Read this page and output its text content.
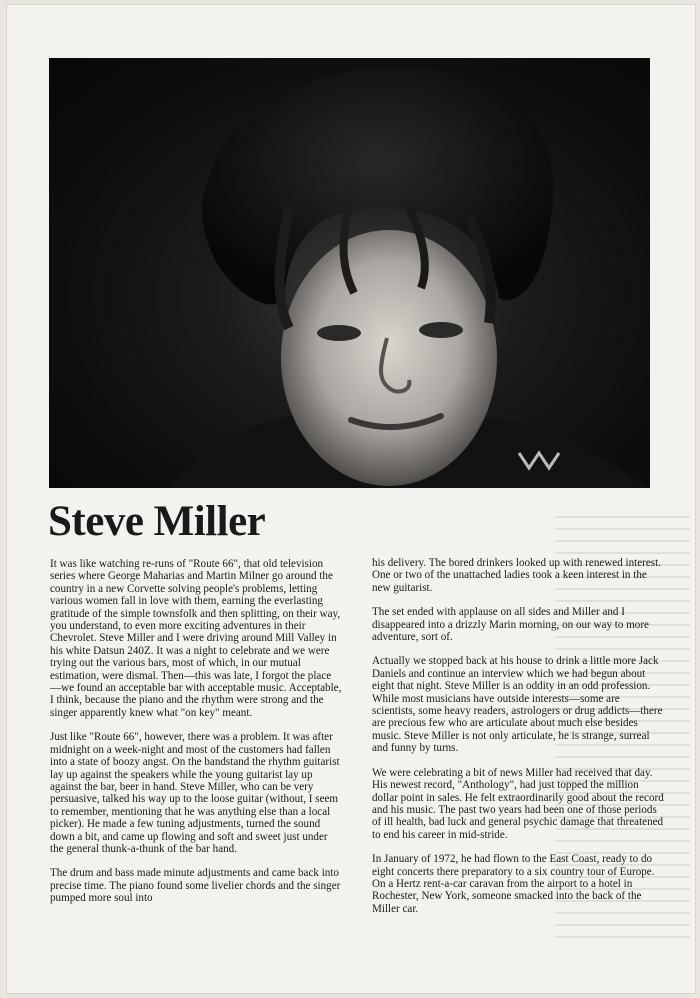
Steve Miller

It was like watching re-runs of "Route 66", that old television series where George Maharias and Martin Milner go around the country in a new Corvette solving people's problems, letting various women fall in love with them, earning the everlasting gratitude of the simple townsfolk and then splitting, on their way, you understand, to even more exciting adventures in their Chevrolet. Steve Miller and I were driving around Mill Valley in his white Datsun 240Z. It was a night to celebrate and we were trying out the various bars, most of which, in our mutual estimation, were dismal. Then—this was late, I forgot the place—we found an acceptable bar with acceptable music. Acceptable, I think, because the piano and the rhythm were strong and the singer apparently knew what "on key" meant.

Just like "Route 66", however, there was a problem. It was after midnight on a week-night and most of the customers had fallen into a state of boozy angst. On the bandstand the rhythm guitarist lay up against the speakers while the young guitarist lay up against the bar, beer in hand. Steve Miller, who can be very persuasive, talked his way up to the loose guitar (without, I seem to remember, mentioning that he was anything else than a local picker). He made a few tuning adjustments, turned the sound down a bit, and came up flowing and soft and sweet just under the general thunk-a-thunk of the bar hand.

The drum and bass made minute adjustments and came back into precise time. The piano found some livelier chords and the singer pumped more soul into

his delivery. The bored drinkers looked up with renewed interest. One or two of the unattached ladies took a keen interest in the new guitarist.

The set ended with applause on all sides and Miller and I disappeared into a drizzly Marin morning, on our way to more adventure, sort of.

Actually we stopped back at his house to drink a little more Jack Daniels and continue an interview which we had begun about eight that night. Steve Miller is an oddity in an odd profession. While most musicians have outside interests—some are scientists, some heavy readers, astrologers or drug addicts—there are precious few who are articulate about much else besides music. Steve Miller is not only articulate, he is strange, surreal and funny by turns.

We were celebrating a bit of news Miller had received that day. His newest record, "Anthology", had just topped the million dollar point in sales. He felt extraordinarily good about the record and his music. The past two years had been one of those periods of ill health, bad luck and general psychic damage that threatened to end his career in mid-stride.

In January of 1972, he had flown to the East Coast, ready to do eight concerts there preparatory to a six country tour of Europe. On a Hertz rent-a-car caravan from the airport to a hotel in Rochester, New York, someone smacked into the back of the Miller car.
